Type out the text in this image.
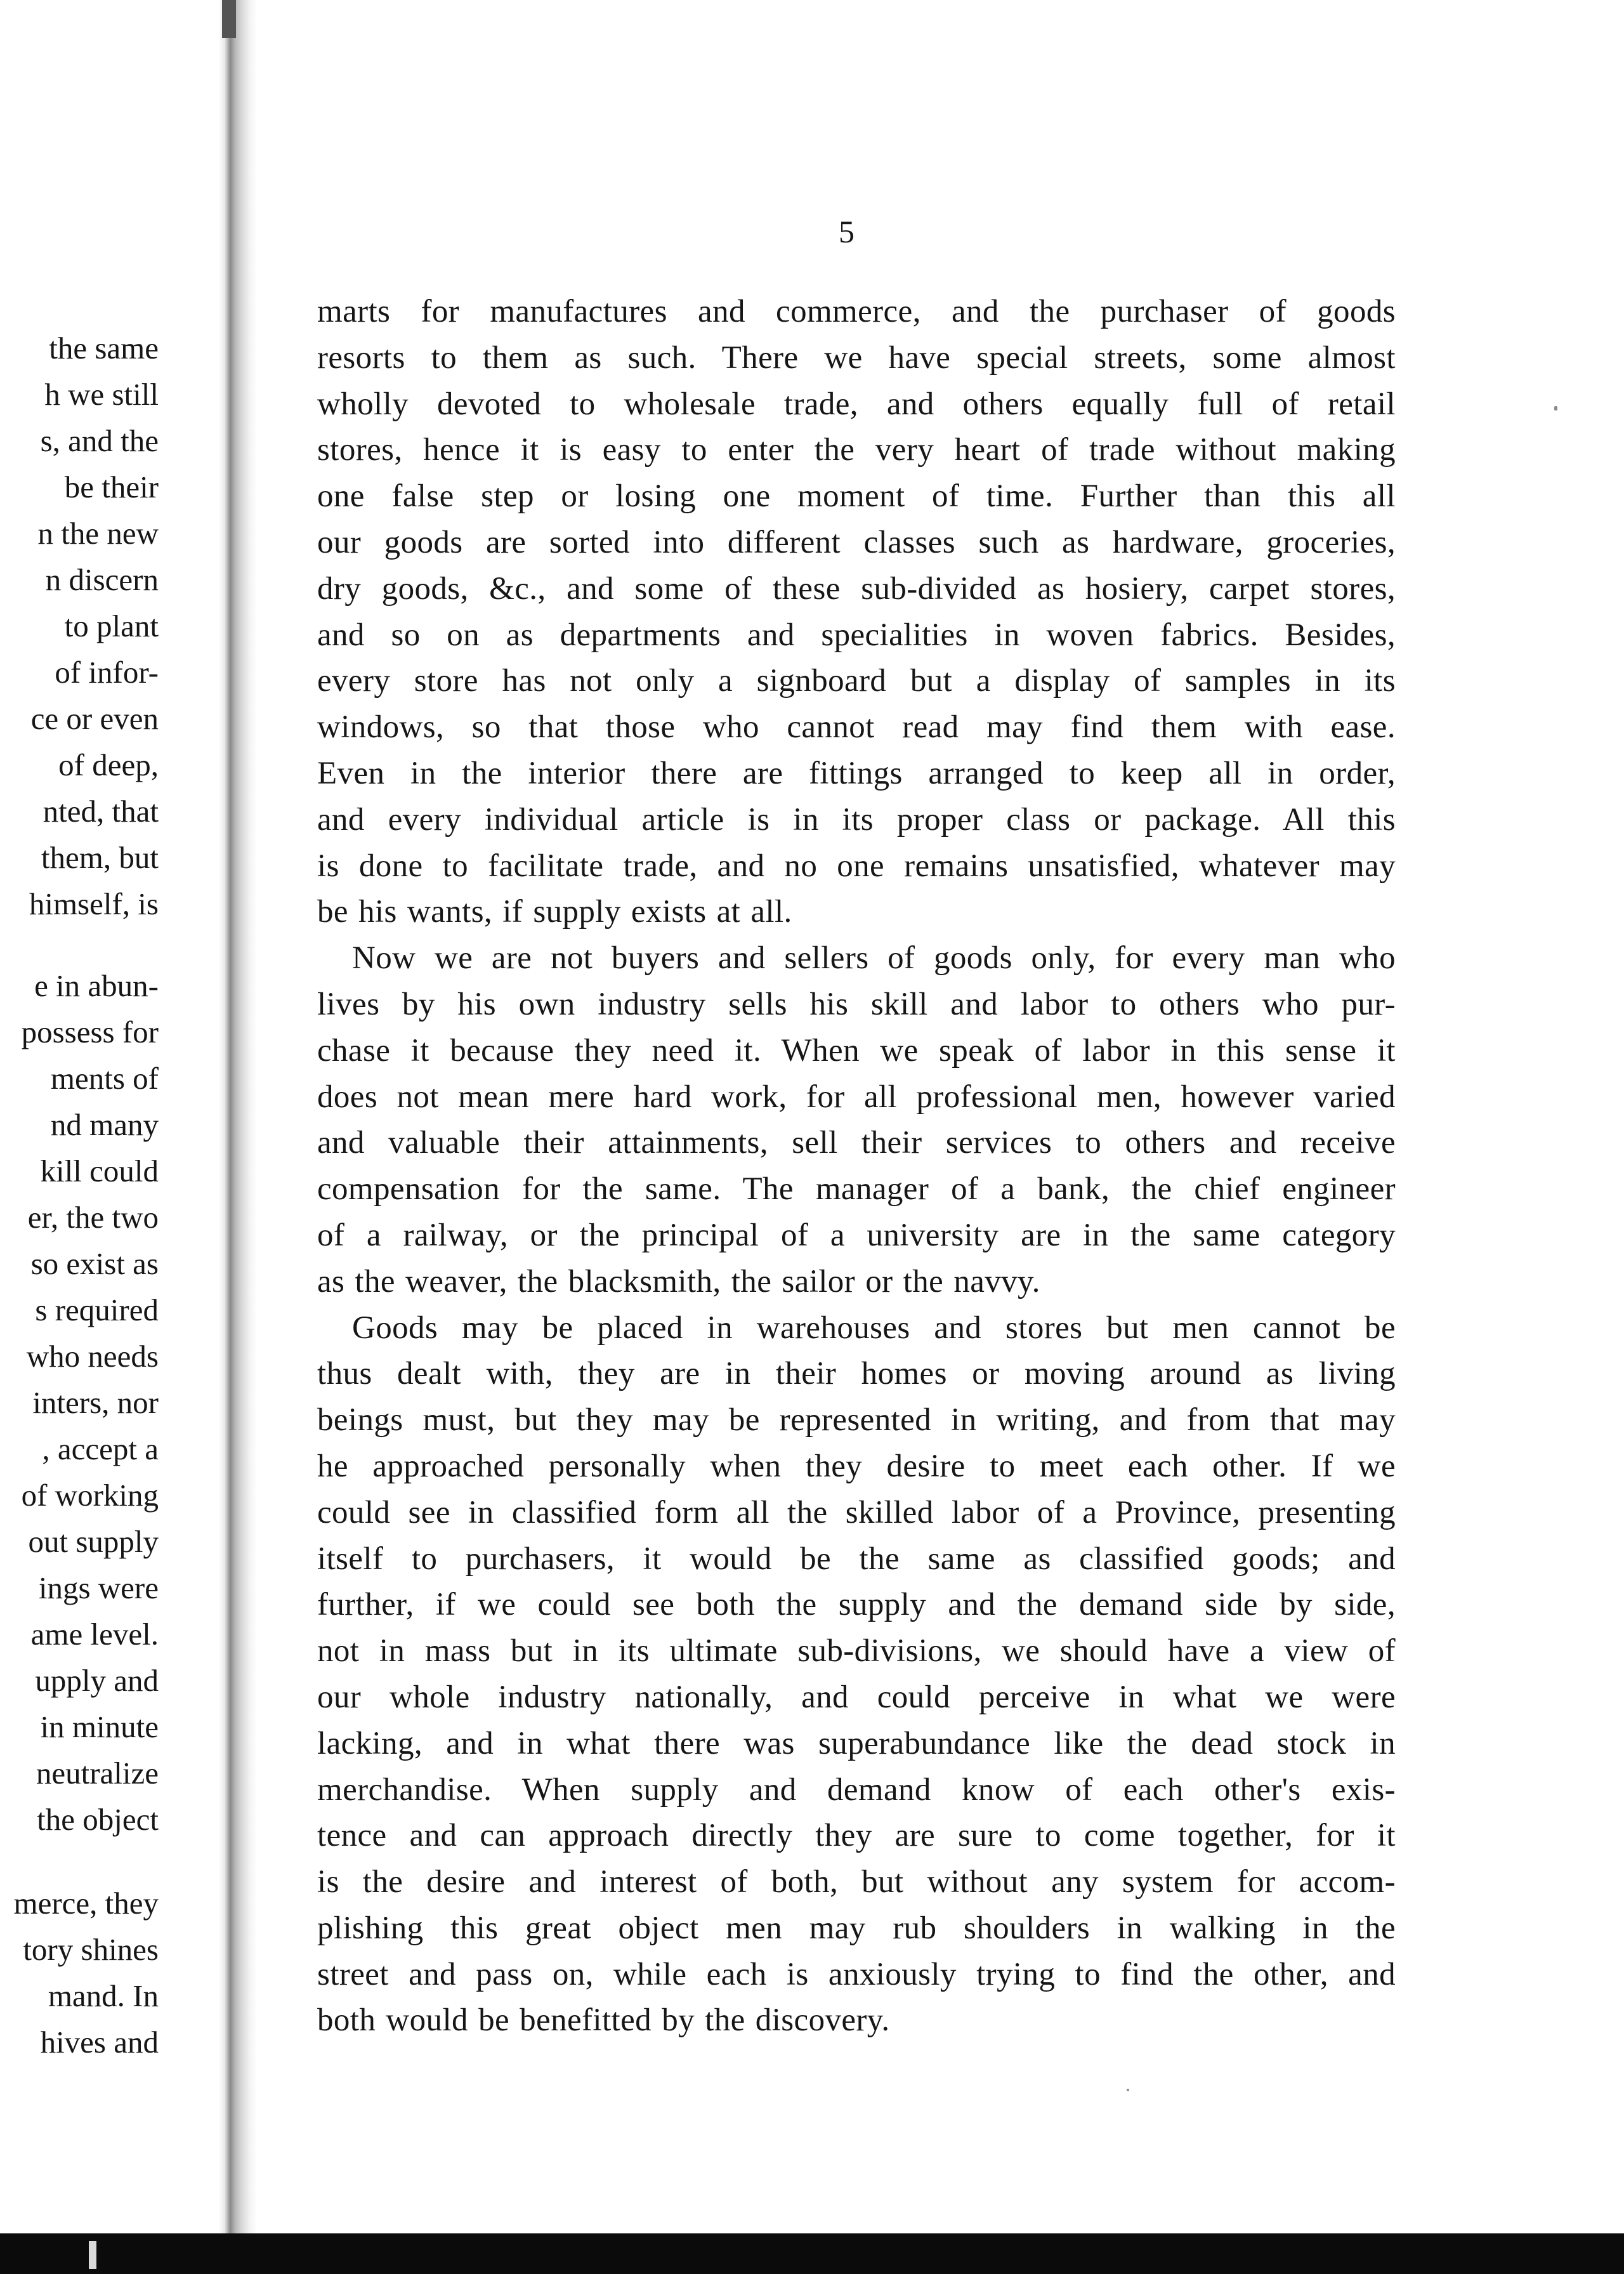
the same
h we still
s, and the
be their
n the new
n discern
to plant
of infor-
ce or even
of deep,
nted, that
them, but
himself, is
e in abun-
possess for
ments of
nd many
kill could
er, the two
so exist as
s required
who needs
inters, nor
, accept a
of working
out supply
ings were
ame level.
upply and
in minute
neutralize
the object
merce, they
tory shines
mand. In
hives and
5

marts for manufactures and commerce, and the purchaser of goods

resorts to them as such. There we have special streets, some almost

wholly devoted to wholesale trade, and others equally full of retail

stores, hence it is easy to enter the very heart of trade without making

one false step or losing one moment of time. Further than this all

our goods are sorted into different classes such as hardware, groceries,

dry goods, &c., and some of these sub-divided as hosiery, carpet stores,

and so on as departments and specialities in woven fabrics. Besides,

every store has not only a signboard but a display of samples in its

windows, so that those who cannot read may find them with ease.

Even in the interior there are fittings arranged to keep all in order,

and every individual article is in its proper class or package. All this

is done to facilitate trade, and no one remains unsatisfied, whatever may

be his wants, if supply exists at all.

Now we are not buyers and sellers of goods only, for every man who

lives by his own industry sells his skill and labor to others who pur-

chase it because they need it. When we speak of labor in this sense it

does not mean mere hard work, for all professional men, however varied

and valuable their attainments, sell their services to others and receive

compensation for the same. The manager of a bank, the chief engineer

of a railway, or the principal of a university are in the same category

as the weaver, the blacksmith, the sailor or the navvy.

Goods may be placed in warehouses and stores but men cannot be

thus dealt with, they are in their homes or moving around as living

beings must, but they may be represented in writing, and from that may

he approached personally when they desire to meet each other. If we

could see in classified form all the skilled labor of a Province, presenting

itself to purchasers, it would be the same as classified goods; and

further, if we could see both the supply and the demand side by side,

not in mass but in its ultimate sub-divisions, we should have a view of

our whole industry nationally, and could perceive in what we were

lacking, and in what there was superabundance like the dead stock in

merchandise. When supply and demand know of each other's exis-

tence and can approach directly they are sure to come together, for it

is the desire and interest of both, but without any system for accom-

plishing this great object men may rub shoulders in walking in the

street and pass on, while each is anxiously trying to find the other, and

both would be benefitted by the discovery.
